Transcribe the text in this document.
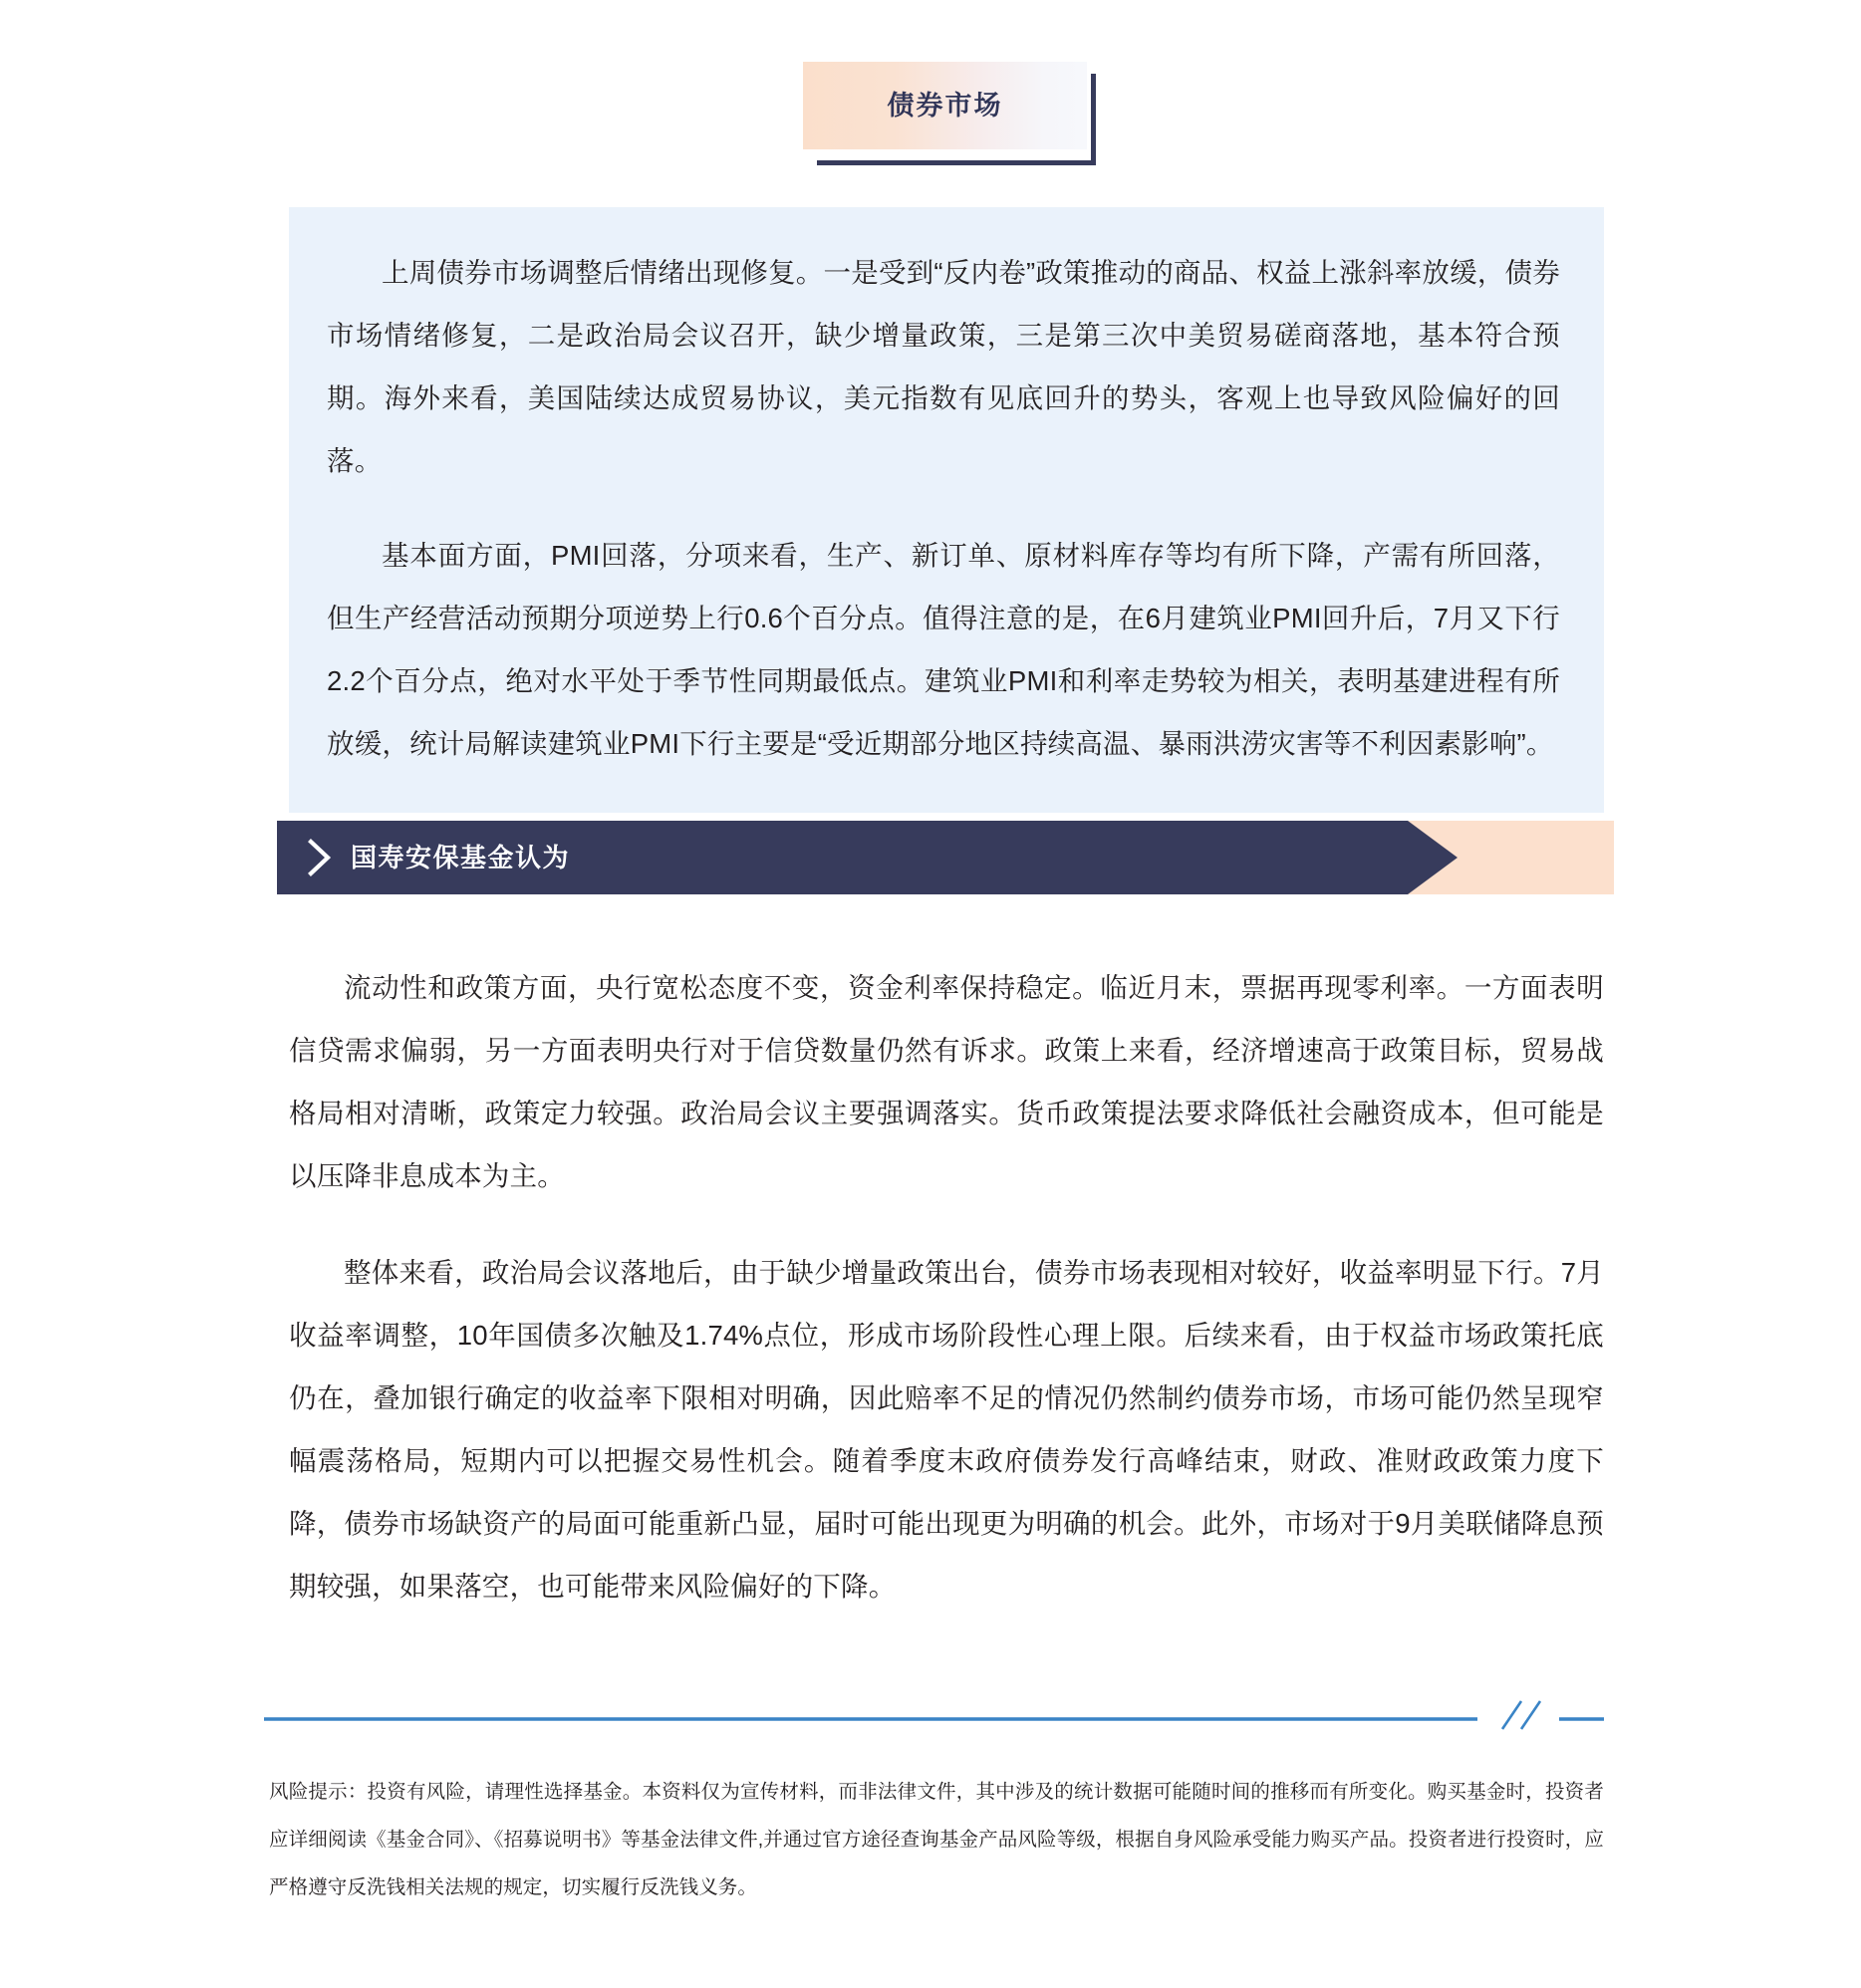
债券市场

上周债券市场调整后情绪出现修复。一是受到“反内卷”政策推动的商品、权益上涨斜率放缓，债券市场情绪修复，二是政治局会议召开，缺少增量政策，三是第三次中美贸易磋商落地，基本符合预期。海外来看，美国陆续达成贸易协议，美元指数有见底回升的势头，客观上也导致风险偏好的回落。

基本面方面，PMI回落，分项来看，生产、新订单、原材料库存等均有所下降，产需有所回落，但生产经营活动预期分项逆势上行0.6个百分点。值得注意的是，在6月建筑业PMI回升后，7月又下行2.2个百分点，绝对水平处于季节性同期最低点。建筑业PMI和利率走势较为相关，表明基建进程有所放缓，统计局解读建筑业PMI下行主要是“受近期部分地区持续高温、暴雨洪涝灾害等不利因素影响”。

国寿安保基金认为

流动性和政策方面，央行宽松态度不变，资金利率保持稳定。临近月末，票据再现零利率。一方面表明信贷需求偏弱，另一方面表明央行对于信贷数量仍然有诉求。政策上来看，经济增速高于政策目标，贸易战格局相对清晰，政策定力较强。政治局会议主要强调落实。货币政策提法要求降低社会融资成本，但可能是以压降非息成本为主。

整体来看，政治局会议落地后，由于缺少增量政策出台，债券市场表现相对较好，收益率明显下行。7月收益率调整，10年国债多次触及1.74%点位，形成市场阶段性心理上限。后续来看，由于权益市场政策托底仍在，叠加银行确定的收益率下限相对明确，因此赔率不足的情况仍然制约债券市场，市场可能仍然呈现窄幅震荡格局，短期内可以把握交易性机会。随着季度末政府债券发行高峰结束，财政、准财政政策力度下降，债券市场缺资产的局面可能重新凸显，届时可能出现更为明确的机会。此外，市场对于9月美联储降息预期较强，如果落空，也可能带来风险偏好的下降。

风险提示：投资有风险，请理性选择基金。本资料仅为宣传材料，而非法律文件，其中涉及的统计数据可能随时间的推移而有所变化。购买基金时，投资者应详细阅读《基金合同》、《招募说明书》等基金法律文件,并通过官方途径查询基金产品风险等级，根据自身风险承受能力购买产品。投资者进行投资时，应严格遵守反洗钱相关法规的规定，切实履行反洗钱义务。
